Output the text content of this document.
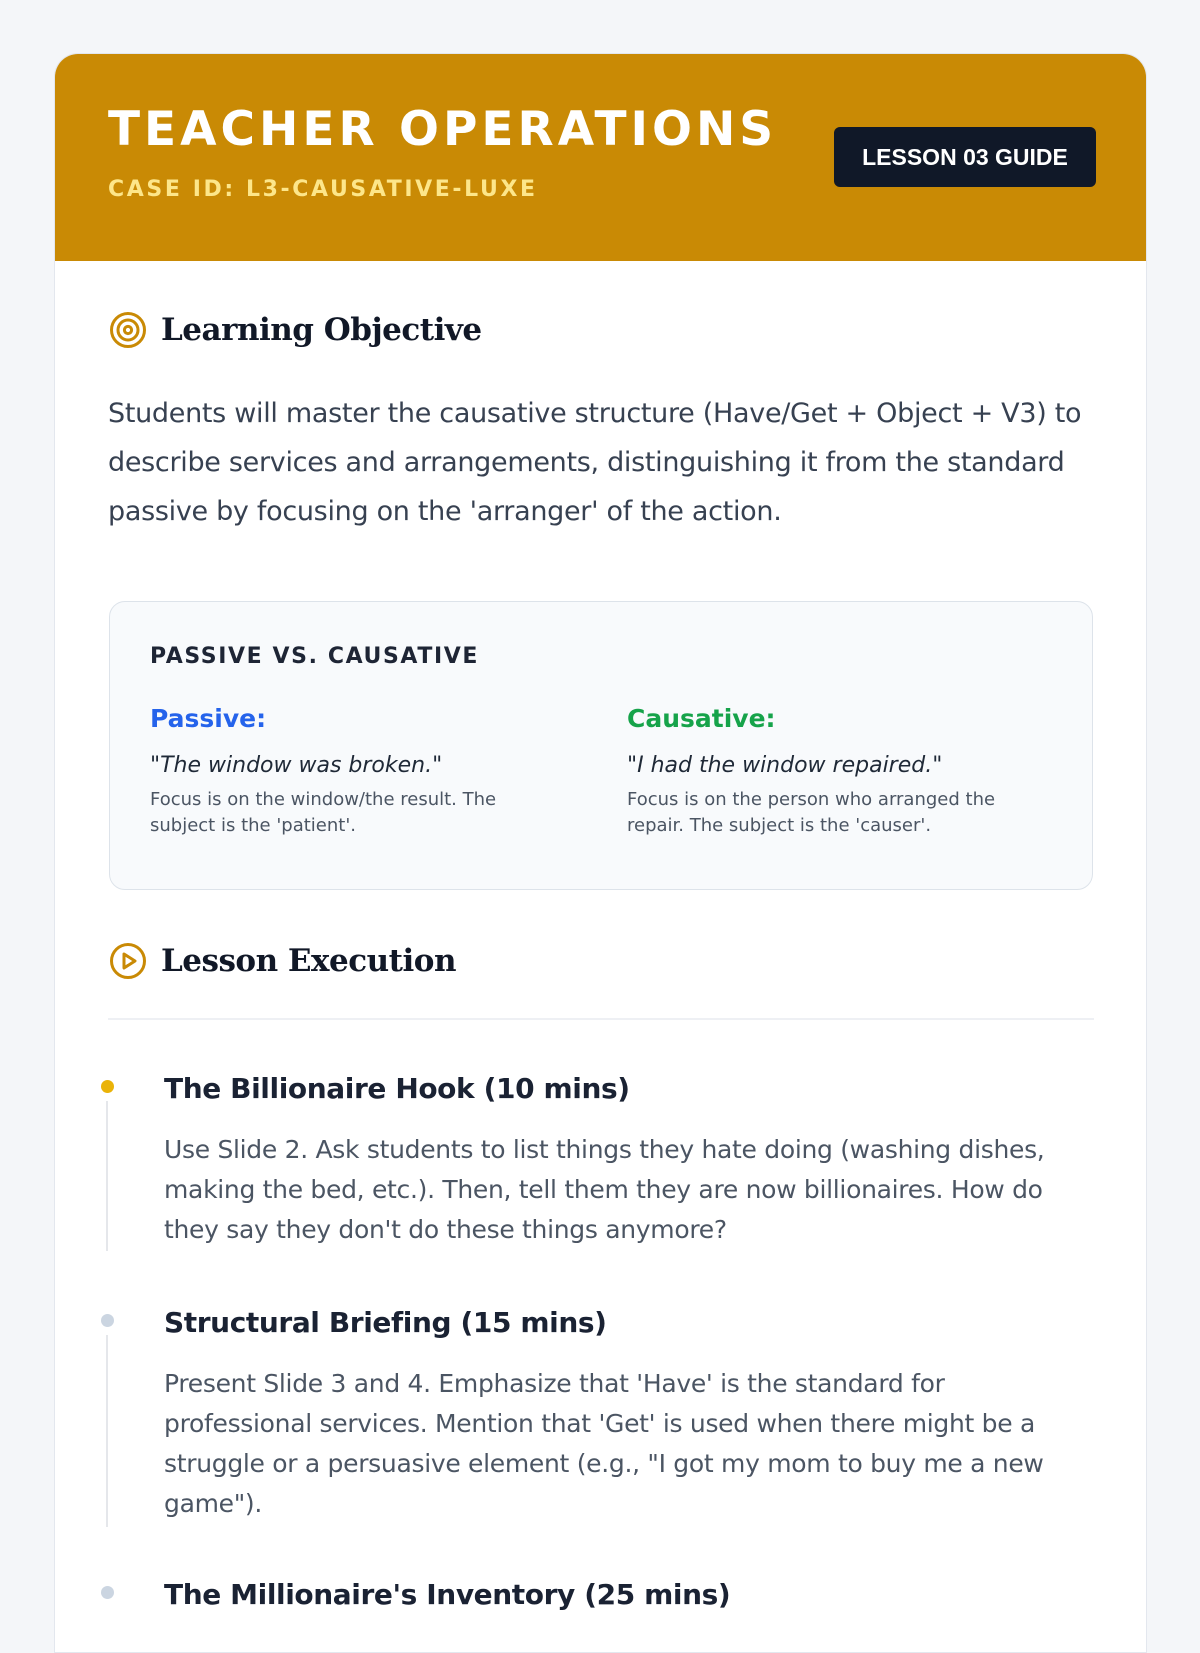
TEACHER OPERATIONS
CASE ID: L3-CAUSATIVE-LUXE
LESSON 03 GUIDE
Learning Objective

Students will master the causative structure (Have/Get + Object + V3) to describe services and arrangements, distinguishing it from the standard passive by focusing on the 'arranger' of the action.

PASSIVE VS. CAUSATIVE
Passive:
"The window was broken."
Focus is on the window/the result. The subject is the 'patient'.
Causative:
"I had the window repaired."
Focus is on the person who arranged the repair. The subject is the 'causer'.
Lesson Execution
The Billionaire Hook (10 mins)
Use Slide 2. Ask students to list things they hate doing (washing dishes, making the bed, etc.). Then, tell them they are now billionaires. How do they say they don't do these things anymore?
Structural Briefing (15 mins)
Present Slide 3 and 4. Emphasize that 'Have' is the standard for professional services. Mention that 'Get' is used when there might be a struggle or a persuasive element (e.g., "I got my mom to buy me a new game").
The Millionaire's Inventory (25 mins)
